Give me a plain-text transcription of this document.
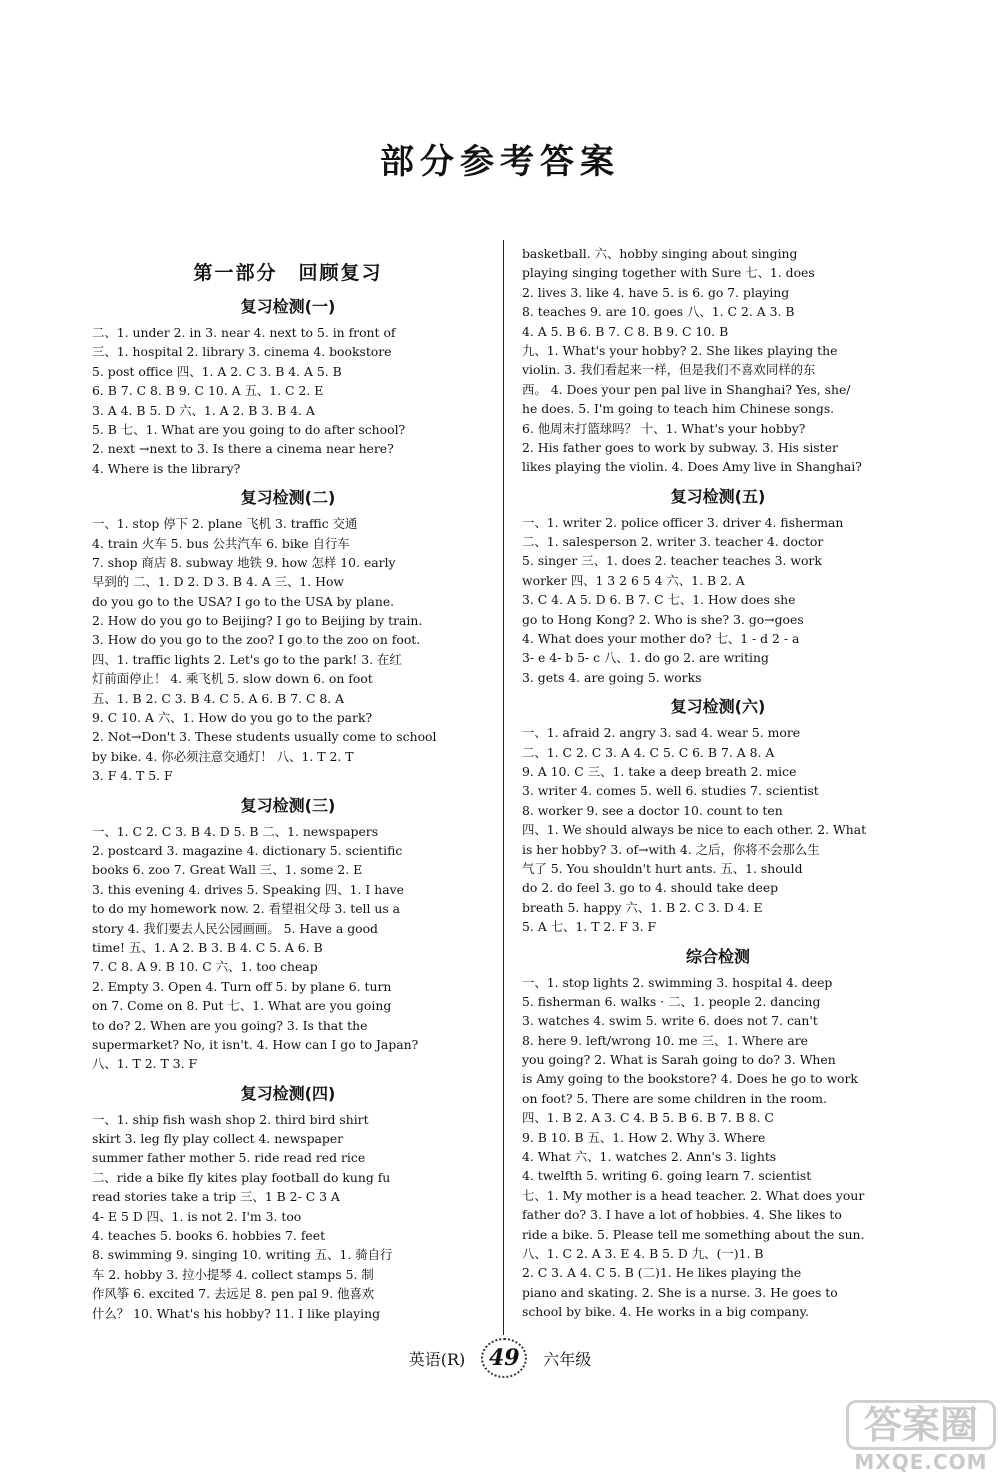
部分参考答案
第一部分　回顾复习
复习检测(一)
二、1. under 2. in 3. near 4. next to 5. in front of
三、1. hospital 2. library 3. cinema 4. bookstore
5. post office 四、1. A 2. C 3. B 4. A 5. B
6. B 7. C 8. B 9. C 10. A 五、1. C 2. E
3. A 4. B 5. D 六、1. A 2. B 3. B 4. A
5. B 七、1. What are you going to do after school?
2. next →next to 3. Is there a cinema near here?
4. Where is the library?
复习检测(二)
一、1. stop 停下 2. plane 飞机 3. traffic 交通
4. train 火车 5. bus 公共汽车 6. bike 自行车
7. shop 商店 8. subway 地铁 9. how 怎样 10. early
早到的 二、1. D 2. D 3. B 4. A 三、1. How
do you go to the USA? I go to the USA by plane.
2. How do you go to Beijing? I go to Beijing by train.
3. How do you go to the zoo? I go to the zoo on foot.
四、1. traffic lights 2. Let's go to the park! 3. 在红
灯前面停止！ 4. 乘飞机 5. slow down 6. on foot
五、1. B 2. C 3. B 4. C 5. A 6. B 7. C 8. A
9. C 10. A 六、1. How do you go to the park?
2. Not→Don't 3. These students usually come to school
by bike. 4. 你必须注意交通灯！ 八、1. T 2. T
3. F 4. T 5. F
复习检测(三)
一、1. C 2. C 3. B 4. D 5. B 二、1. newspapers
2. postcard 3. magazine 4. dictionary 5. scientific
books 6. zoo 7. Great Wall 三、1. some 2. E
3. this evening 4. drives 5. Speaking 四、1. I have
to do my homework now. 2. 看望祖父母 3. tell us a
story 4. 我们要去人民公园画画。 5. Have a good
time! 五、1. A 2. B 3. B 4. C 5. A 6. B
7. C 8. A 9. B 10. C 六、1. too cheap
2. Empty 3. Open 4. Turn off 5. by plane 6. turn
on 7. Come on 8. Put 七、1. What are you going
to do? 2. When are you going? 3. Is that the
supermarket? No, it isn't. 4. How can I go to Japan?
八、1. T 2. T 3. F
复习检测(四)
一、1. ship fish wash shop 2. third bird shirt
skirt 3. leg fly play collect 4. newspaper
summer father mother 5. ride read red rice
二、ride a bike fly kites play football do kung fu
read stories take a trip 三、1 B 2- C 3 A
4- E 5 D 四、1. is not 2. I'm 3. too
4. teaches 5. books 6. hobbies 7. feet
8. swimming 9. singing 10. writing 五、1. 骑自行
车 2. hobby 3. 拉小提琴 4. collect stamps 5. 制
作风筝 6. excited 7. 去远足 8. pen pal 9. 他喜欢
什么？ 10. What's his hobby? 11. I like playing
basketball. 六、hobby singing about singing
playing singing together with Sure 七、1. does
2. lives 3. like 4. have 5. is 6. go 7. playing
8. teaches 9. are 10. goes 八、1. C 2. A 3. B
4. A 5. B 6. B 7. C 8. B 9. C 10. B
九、1. What's your hobby? 2. She likes playing the
violin. 3. 我们看起来一样，但是我们不喜欢同样的东
西。 4. Does your pen pal live in Shanghai? Yes, she/
he does. 5. I'm going to teach him Chinese songs.
6. 他周末打篮球吗？ 十、1. What's your hobby?
2. His father goes to work by subway. 3. His sister
likes playing the violin. 4. Does Amy live in Shanghai?
复习检测(五)
一、1. writer 2. police officer 3. driver 4. fisherman
二、1. salesperson 2. writer 3. teacher 4. doctor
5. singer 三、1. does 2. teacher teaches 3. work
worker 四、1 3 2 6 5 4 六、1. B 2. A
3. C 4. A 5. D 6. B 7. C 七、1. How does she
go to Hong Kong? 2. Who is she? 3. go→goes
4. What does your mother do? 七、1 - d 2 - a
3- e 4- b 5- c 八、1. do go 2. are writing
3. gets 4. are going 5. works
复习检测(六)
一、1. afraid 2. angry 3. sad 4. wear 5. more
二、1. C 2. C 3. A 4. C 5. C 6. B 7. A 8. A
9. A 10. C 三、1. take a deep breath 2. mice
3. writer 4. comes 5. well 6. studies 7. scientist
8. worker 9. see a doctor 10. count to ten
四、1. We should always be nice to each other. 2. What
is her hobby? 3. of→with 4. 之后，你将不会那么生
气了 5. You shouldn't hurt ants. 五、1. should
do 2. do feel 3. go to 4. should take deep
breath 5. happy 六、1. B 2. C 3. D 4. E
5. A 七、1. T 2. F 3. F
综合检测
一、1. stop lights 2. swimming 3. hospital 4. deep
5. fisherman 6. walks · 二、1. people 2. dancing
3. watches 4. swim 5. write 6. does not 7. can't
8. here 9. left/wrong 10. me 三、1. Where are
you going? 2. What is Sarah going to do? 3. When
is Amy going to the bookstore? 4. Does he go to work
on foot? 5. There are some children in the room.
四、1. B 2. A 3. C 4. B 5. B 6. B 7. B 8. C
9. B 10. B 五、1. How 2. Why 3. Where
4. What 六、1. watches 2. Ann's 3. lights
4. twelfth 5. writing 6. going learn 7. scientist
七、1. My mother is a head teacher. 2. What does your
father do? 3. I have a lot of hobbies. 4. She likes to
ride a bike. 5. Please tell me something about the sun.
八、1. C 2. A 3. E 4. B 5. D 九、(一)1. B
2. C 3. A 4. C 5. B (二)1. He likes playing the
piano and skating. 2. She is a nurse. 3. He goes to
school by bike. 4. He works in a big company.
英语(R)	49	六年级
答案圈
MXQE.COM
